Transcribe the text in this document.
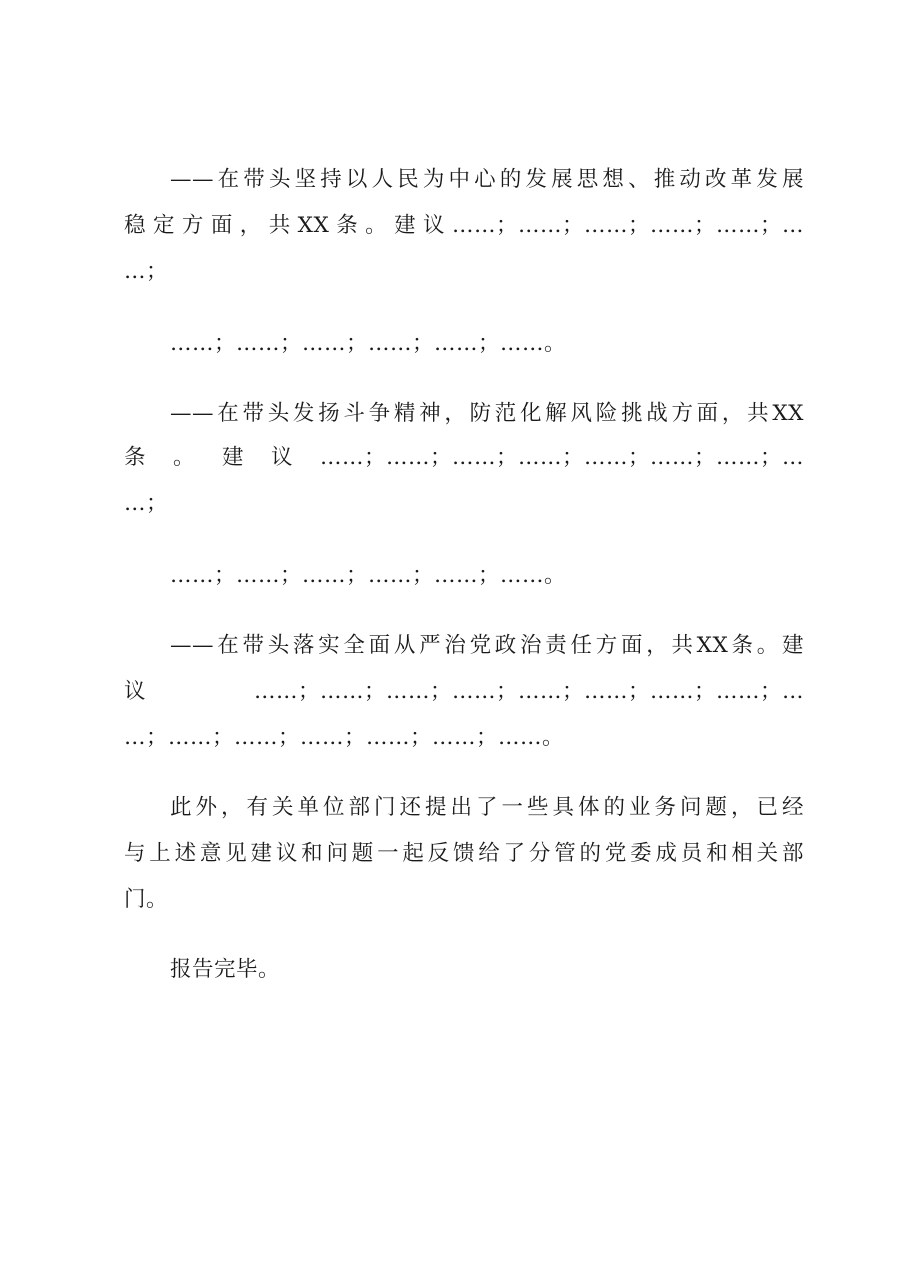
——在带头坚持以人民为中心的发展思想、推动改革发展

稳定方面，共XX条。建议……；……；……；……；……；…

…；

……；……；……；……；……；……。

——在带头发扬斗争精神，防范化解风险挑战方面，共XX

条。建议……；……；……；……；……；……；……；…

…；

……；……；……；……；……；……。

——在带头落实全面从严治党政治责任方面，共XX条。建

议……；……；……；……；……；……；……；……；…

…；……；……；……；……；……；……。

此外，有关单位部门还提出了一些具体的业务问题，已经

与上述意见建议和问题一起反馈给了分管的党委成员和相关部

门。

报告完毕。
